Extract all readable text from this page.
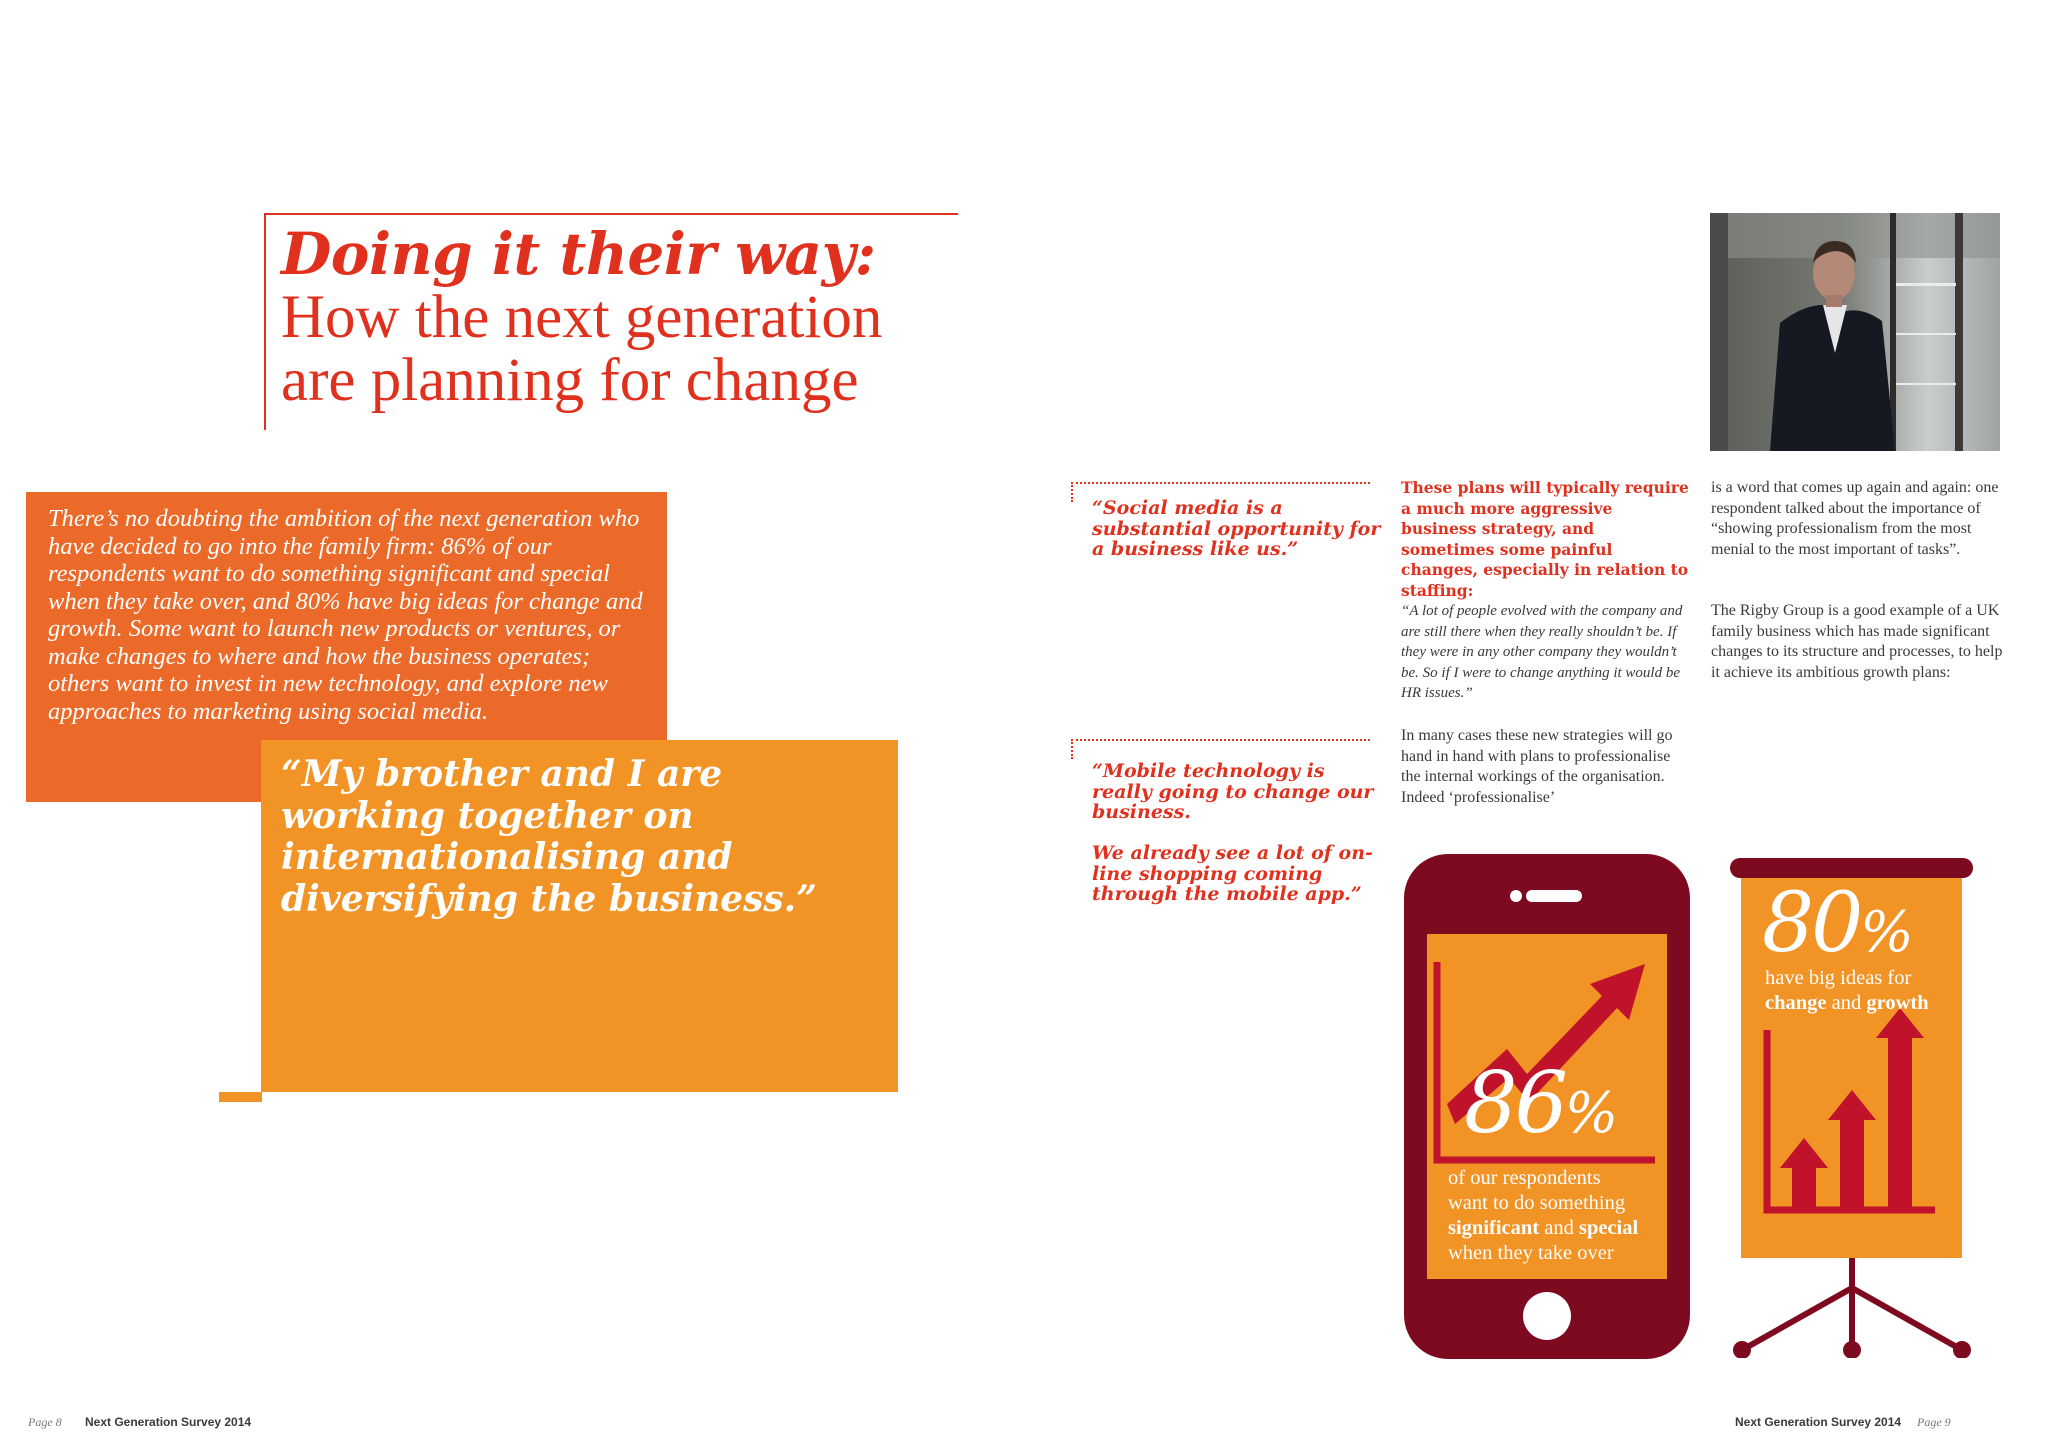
Doing it their way:
How the next generation
are planning for change
There’s no doubting the ambition of the next generation who have decided to go into the family firm: 86% of our respondents want to do something significant and special when they take over, and 80% have big ideas for change and growth. Some want to launch new products or ventures, or make changes to where and how the business operates; others want to invest in new technology, and explore new approaches to marketing using social media.
“My brother and I are working together on internationalising and diversifying the business.”
“Social media is a substantial opportunity for a business like us.”
“Mobile technology is really going to change our business.
We already see a lot of on-line shopping coming through the mobile app.”
These plans will typically require a much more aggressive business strategy, and sometimes some painful changes, especially in relation to staffing:
“A lot of people evolved with the company and are still there when they really shouldn’t be. If they were in any other company they wouldn’t be. So if I were to change anything it would be HR issues.”
In many cases these new strategies will go hand in hand with plans to professionalise the internal workings of the organisation. Indeed ‘professionalise’
is a word that comes up again and again: one respondent talked about the importance of “showing professionalism from the most menial to the most important of tasks”.
The Rigby Group is a good example of a UK family business which has made significant changes to its structure and processes, to help it achieve its ambitious growth plans:
86%
of our respondents
want to do something
significant and special
when they take over
80%
have big ideas for
change and growth
Page 8 Next Generation Survey 2014	Next Generation Survey 2014 Page 9
